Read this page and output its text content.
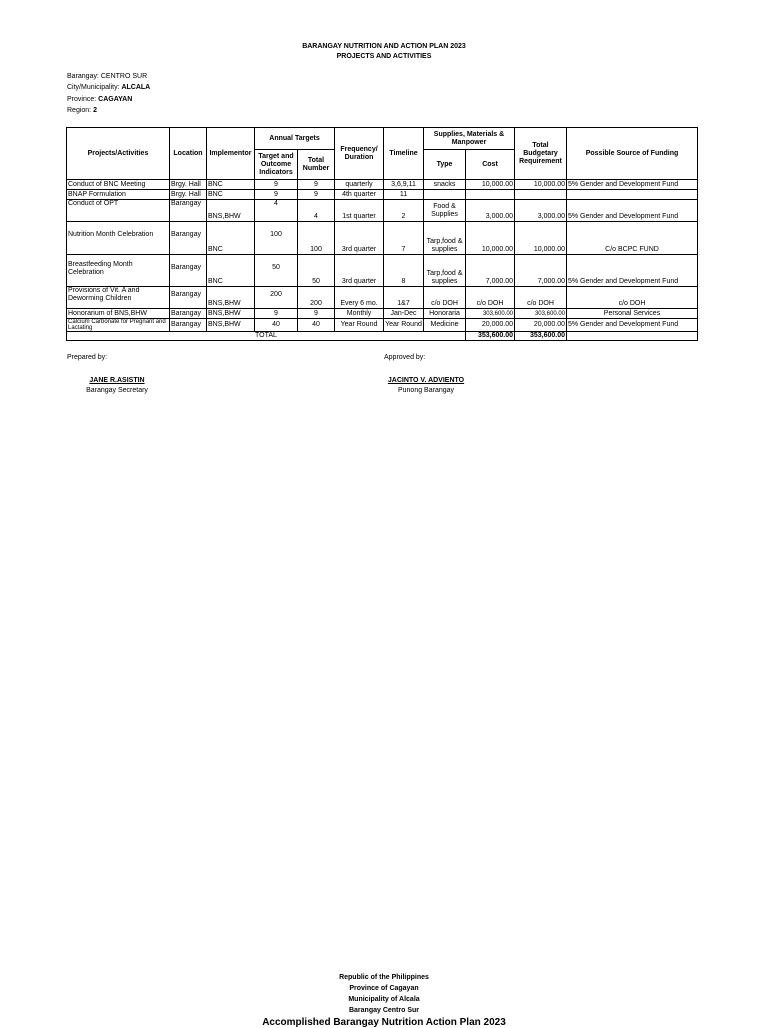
BARANGAY NUTRITION AND ACTION PLAN 2023
PROJECTS AND ACTIVITIES
Barangay: CENTRO SUR
City/Municipality: ALCALA
Province: CAGAYAN
Region: 2
Projects/Activities	Location	Implementor	Annual Targets		Frequency/ Duration	Timeline	Supplies, Materials & Manpower		Total Budgetary Requirement	Possible Source of Funding
			Target and Outcome Indicators	Total Number			Type	Cost		
Conduct of BNC Meeting	Brgy. Hall	BNC	9	9	quarterly	3,6,9,11	snacks	10,000.00	10,000.00	5% Gender and Development Fund
BNAP Formulation	Brgy. Hall	BNC	9	9	4th quarter	11				
Conduct of OPT	Barangay	BNS,BHW	4	4	1st quarter	2	Food & Supplies	3,000.00	3,000.00	5% Gender and Development Fund
Nutrition Month Celebration	Barangay	BNC	100	100	3rd quarter	7	Tarp,food & supplies	10,000.00	10,000.00	C/o BCPC FUND
Breastfeeding Month Celebration	Barangay	BNC	50	50	3rd quarter	8	Tarp,food & supplies	7,000.00	7,000.00	5% Gender and Development Fund
Provisions of Vit. A and Deworming Children	Barangay	BNS,BHW	200	200	Every 6 mo.	1&7	c/o DOH	c/o DOH	c/o DOH	c/o DOH
Honorarium of BNS,BHW	Barangay	BNS,BHW	9	9	Monthly	Jan-Dec	Honoraria	303,600.00	303,600.00	Personal Services
Calcium Carbonate for Pregnant and Lactating	Barangay	BNS,BHW	40	40	Year Round	Year Round	Medicine	20,000.00	20,000.00	5% Gender and Development Fund
TOTAL								353,600.00	353,600.00	
Prepared by:
JANE R.ASISTIN
Barangay Secretary
Approved by:
JACINTO V. ADVIENTO
Punong Barangay
Republic of the Philippines
Province of Cagayan
Municipality of Alcala
Barangay Centro Sur
Accomplished Barangay Nutrition Action Plan 2023
